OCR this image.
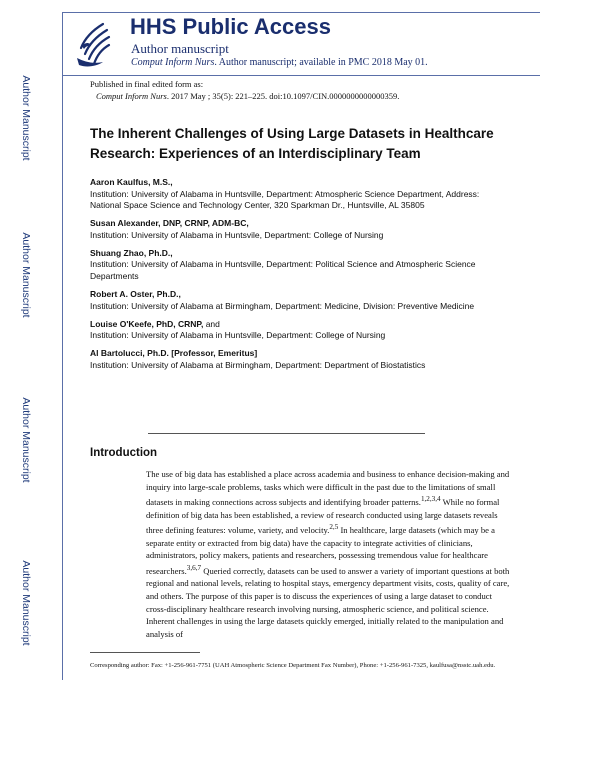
Author Manuscript
Author Manuscript
Author Manuscript
Author Manuscript
HHS Public Access
Author manuscript
Comput Inform Nurs. Author manuscript; available in PMC 2018 May 01.
Published in final edited form as:
Comput Inform Nurs. 2017 May ; 35(5): 221–225. doi:10.1097/CIN.0000000000000359.
The Inherent Challenges of Using Large Datasets in Healthcare Research: Experiences of an Interdisciplinary Team
Aaron Kaulfus, M.S.,
Institution: University of Alabama in Huntsville, Department: Atmospheric Science Department, Address: National Space Science and Technology Center, 320 Sparkman Dr., Huntsville, AL 35805
Susan Alexander, DNP, CRNP, ADM-BC,
Institution: University of Alabama in Huntsvile, Department: College of Nursing
Shuang Zhao, Ph.D.,
Institution: University of Alabama in Huntsville, Department: Political Science and Atmospheric Science Departments
Robert A. Oster, Ph.D.,
Institution: University of Alabama at Birmingham, Department: Medicine, Division: Preventive Medicine
Louise O'Keefe, PhD, CRNP, and
Institution: University of Alabama in Huntsville, Department: College of Nursing
Al Bartolucci, Ph.D. [Professor, Emeritus]
Institution: University of Alabama at Birmingham, Department: Department of Biostatistics
Introduction
The use of big data has established a place across academia and business to enhance decision-making and inquiry into large-scale problems, tasks which were difficult in the past due to the limitations of small datasets in making connections across subjects and identifying broader patterns.$^{1,2,3,4}$ While no formal definition of big data has been established, a review of research conducted using large datasets reveals three defining features: volume, variety, and velocity.$^{2,5}$ In healthcare, large datasets (which may be a separate entity or extracted from big data) have the capacity to integrate activities of clinicians, administrators, policy makers, patients and researchers, possessing tremendous value for healthcare researchers.$^{3,6,7}$ Queried correctly, datasets can be used to answer a variety of important questions at both regional and national levels, relating to hospital stays, emergency department visits, costs, quality of care, and others. The purpose of this paper is to discuss the experiences of using a large dataset to conduct cross-disciplinary healthcare research involving nursing, atmospheric science, and political science. Inherent challenges in using the large datasets quickly emerged, initially related to the manipulation and analysis of
Corresponding author: Fax: +1-256-961-7751 (UAH Atmospheric Science Department Fax Number), Phone: +1-256-961-7325, kaulfusa@nsstc.uah.edu.
